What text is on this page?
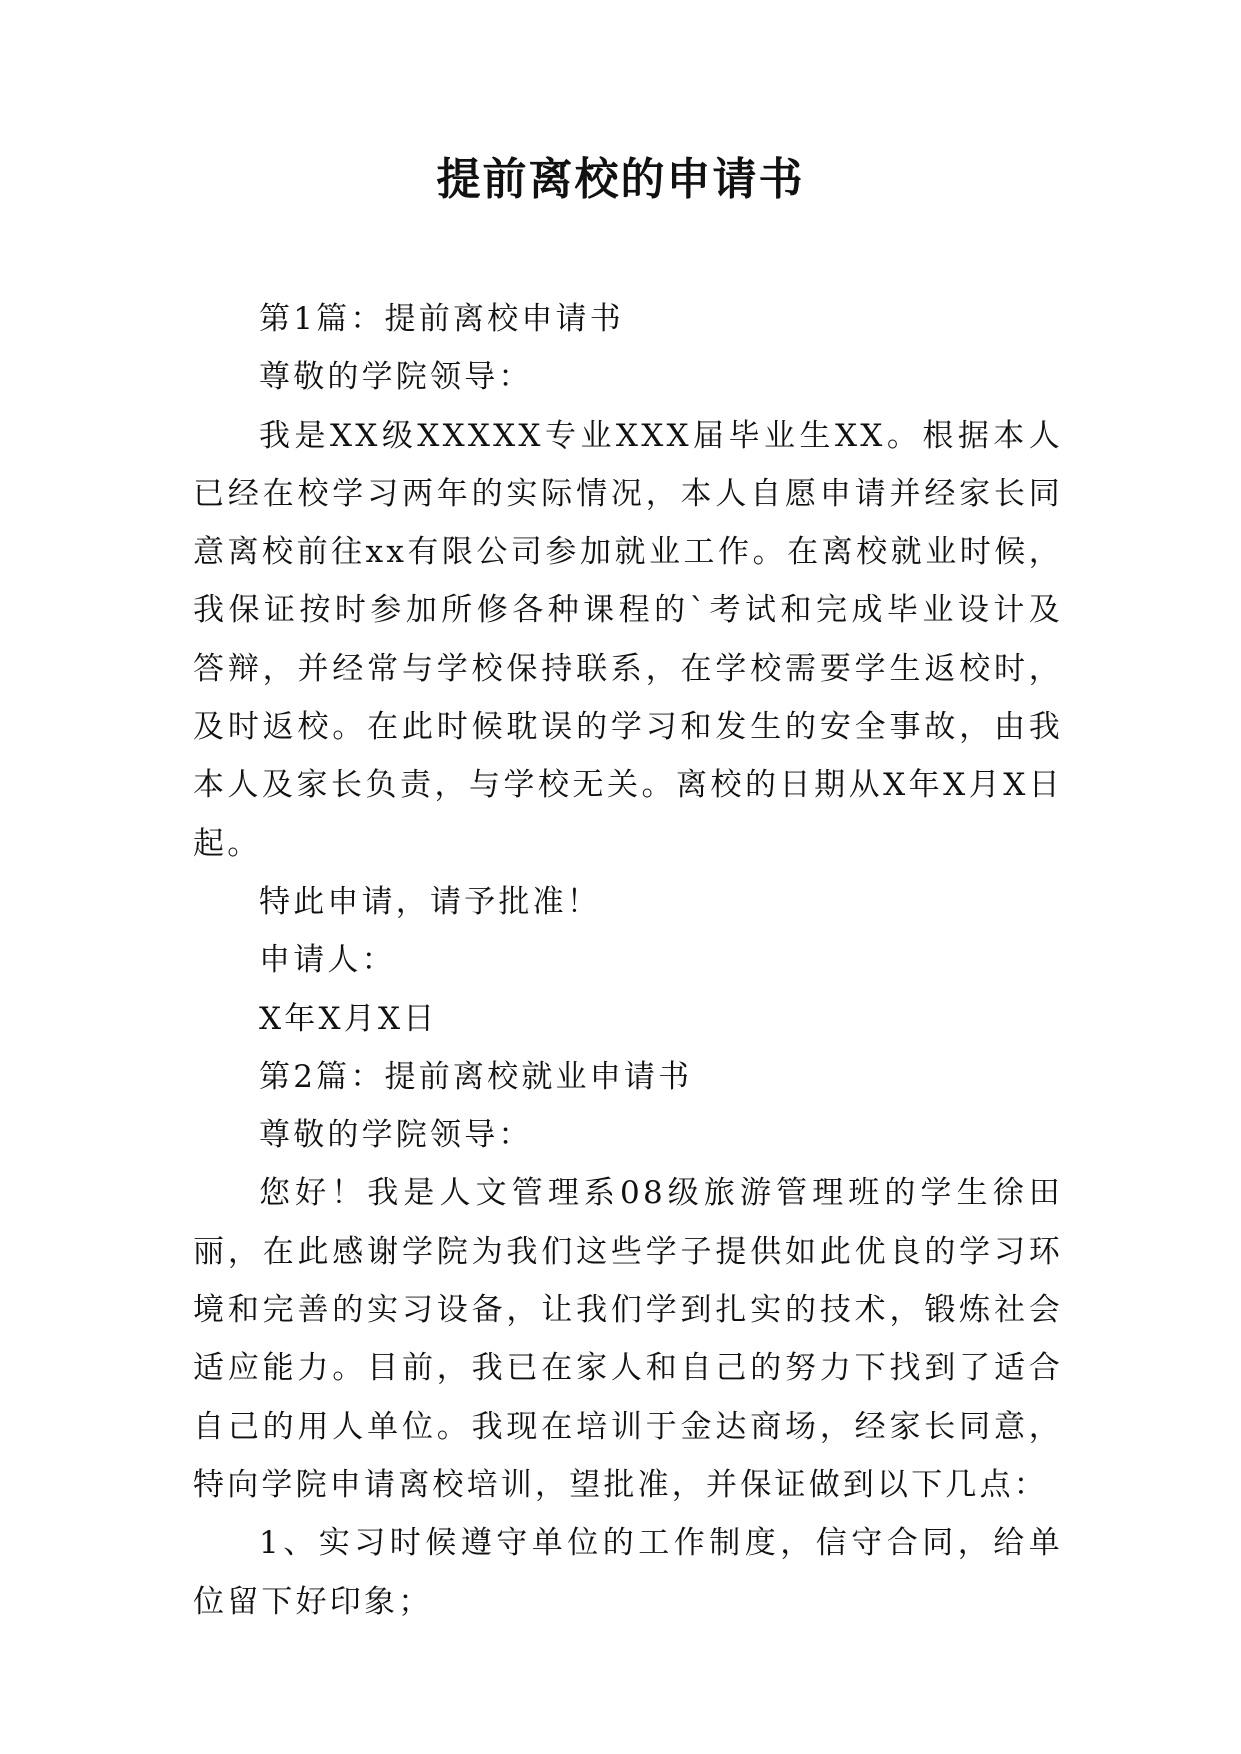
提前离校的申请书

第1篇：提前离校申请书

尊敬的学院领导：

我是XX级XXXXX专业XXX届毕业生XX。根据本人已经在校学习两年的实际情况，本人自愿申请并经家长同意离校前往xx有限公司参加就业工作。在离校就业时候，我保证按时参加所修各种课程的`考试和完成毕业设计及答辩，并经常与学校保持联系，在学校需要学生返校时，及时返校。在此时候耽误的学习和发生的安全事故，由我本人及家长负责，与学校无关。离校的日期从X年X月X日起。

特此申请，请予批准！

申请人：

X年X月X日

第2篇：提前离校就业申请书

尊敬的学院领导：

您好！我是人文管理系08级旅游管理班的学生徐田丽，在此感谢学院为我们这些学子提供如此优良的学习环境和完善的实习设备，让我们学到扎实的技术，锻炼社会适应能力。目前，我已在家人和自己的努力下找到了适合自己的用人单位。我现在培训于金达商场，经家长同意，特向学院申请离校培训，望批准，并保证做到以下几点：

1、实习时候遵守单位的工作制度，信守合同，给单位留下好印象；
